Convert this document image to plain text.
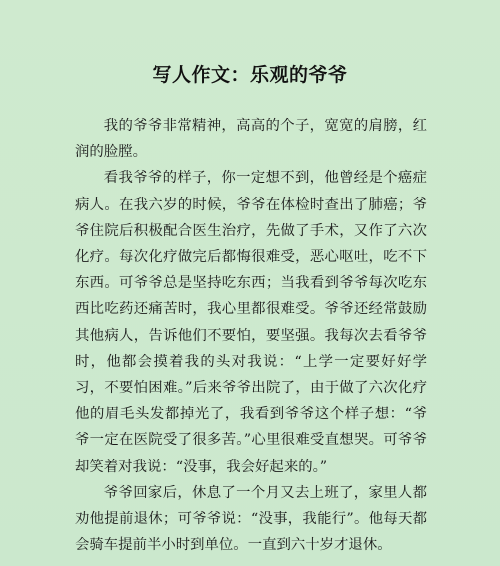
写人作文：乐观的爷爷

我的爷爷非常精神，高高的个子，宽宽的肩膀，红润的脸膛。

看我爷爷的样子，你一定想不到，他曾经是个癌症病人。在我六岁的时候，爷爷在体检时查出了肺癌；爷爷住院后积极配合医生治疗，先做了手术，又作了六次化疗。每次化疗做完后都悔很难受，恶心呕吐，吃不下东西。可爷爷总是坚持吃东西；当我看到爷爷每次吃东西比吃药还痛苦时，我心里都很难受。爷爷还经常鼓励其他病人，告诉他们不要怕，要坚强。我每次去看爷爷时，他都会摸着我的头对我说：“上学一定要好好学习，不要怕困难。”后来爷爷出院了，由于做了六次化疗他的眉毛头发都掉光了，我看到爷爷这个样子想：“爷爷一定在医院受了很多苦。”心里很难受直想哭。可爷爷却笑着对我说：“没事，我会好起来的。”

爷爷回家后，休息了一个月又去上班了，家里人都劝他提前退休；可爷爷说：“没事，我能行”。他每天都会骑车提前半小时到单位。一直到六十岁才退休。
